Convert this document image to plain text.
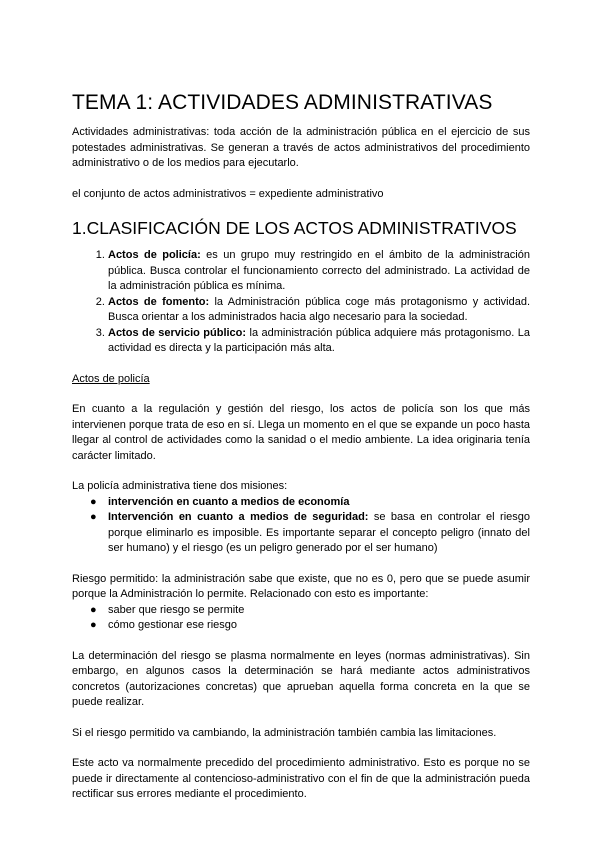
TEMA 1: ACTIVIDADES ADMINISTRATIVAS

Actividades administrativas: toda acción de la administración pública en el ejercicio de sus potestades administrativas. Se generan a través de actos administrativos del procedimiento administrativo o de los medios para ejecutarlo.

el conjunto de actos administrativos = expediente administrativo

1.CLASIFICACIÓN DE LOS ACTOS ADMINISTRATIVOS
1. Actos de policía: es un grupo muy restringido en el ámbito de la administración pública. Busca controlar el funcionamiento correcto del administrado. La actividad de la administración pública es mínima.
2. Actos de fomento: la Administración pública coge más protagonismo y actividad. Busca orientar a los administrados hacia algo necesario para la sociedad.
3. Actos de servicio público: la administración pública adquiere más protagonismo. La actividad es directa y la participación más alta.

Actos de policía

En cuanto a la regulación y gestión del riesgo, los actos de policía son los que más intervienen porque trata de eso en sí. Llega un momento en el que se expande un poco hasta llegar al control de actividades como la sanidad o el medio ambiente. La idea originaria tenía carácter limitado.

La policía administrativa tiene dos misiones:

● intervención en cuanto a medios de economía
● Intervención en cuanto a medios de seguridad: se basa en controlar el riesgo porque eliminarlo es imposible. Es importante separar el concepto peligro (innato del ser humano) y el riesgo (es un peligro generado por el ser humano)

Riesgo permitido: la administración sabe que existe, que no es 0, pero que se puede asumir porque la Administración lo permite. Relacionado con esto es importante:

● saber que riesgo se permite
● cómo gestionar ese riesgo

La determinación del riesgo se plasma normalmente en leyes (normas administrativas). Sin embargo, en algunos casos la determinación se hará mediante actos administrativos concretos (autorizaciones concretas) que aprueban aquella forma concreta en la que se puede realizar.

Si el riesgo permitido va cambiando, la administración también cambia las limitaciones.

Este acto va normalmente precedido del procedimiento administrativo. Esto es porque no se puede ir directamente al contencioso-administrativo con el fin de que la administración pueda rectificar sus errores mediante el procedimiento.
